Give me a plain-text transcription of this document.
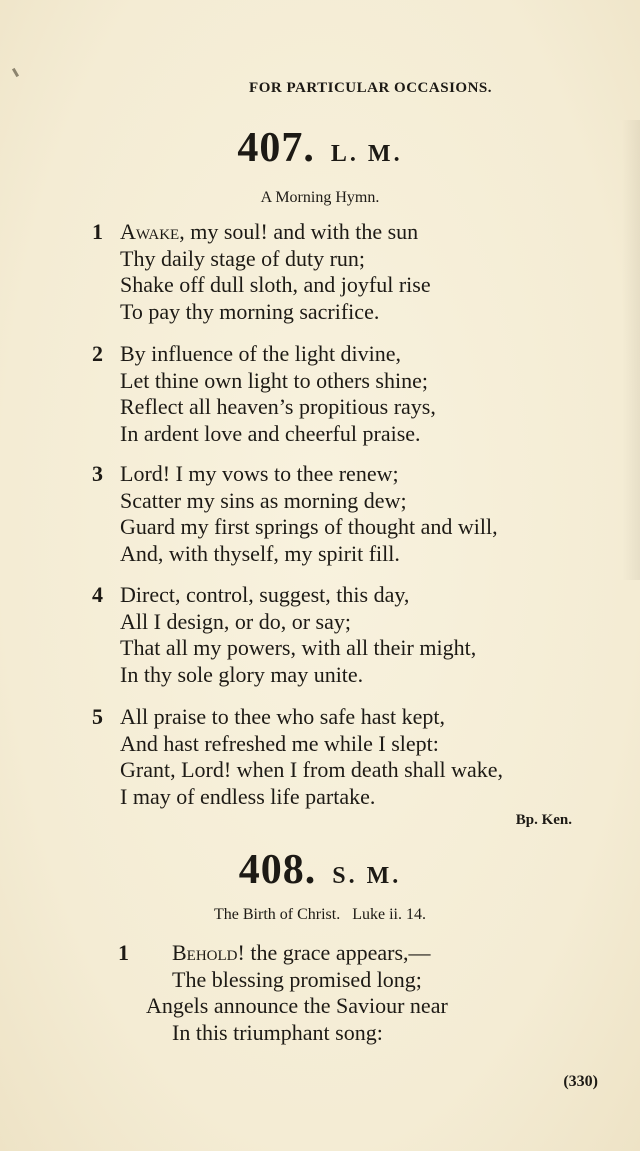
FOR PARTICULAR OCCASIONS.
407. L. M.
A Morning Hymn.
1 Awake, my soul! and with the sun
Thy daily stage of duty run;
Shake off dull sloth, and joyful rise
To pay thy morning sacrifice.
2 By influence of the light divine,
Let thine own light to others shine;
Reflect all heaven’s propitious rays,
In ardent love and cheerful praise.
3 Lord! I my vows to thee renew;
Scatter my sins as morning dew;
Guard my first springs of thought and will,
And, with thyself, my spirit fill.
4 Direct, control, suggest, this day,
All I design, or do, or say;
That all my powers, with all their might,
In thy sole glory may unite.
5 All praise to thee who safe hast kept,
And hast refreshed me while I slept:
Grant, Lord! when I from death shall wake,
I may of endless life partake.
Bp. Ken.
408. S. M.
The Birth of Christ.   Luke ii. 14.
1 Behold! the grace appears,—
The blessing promised long;
Angels announce the Saviour near
In this triumphant song:
(330)
